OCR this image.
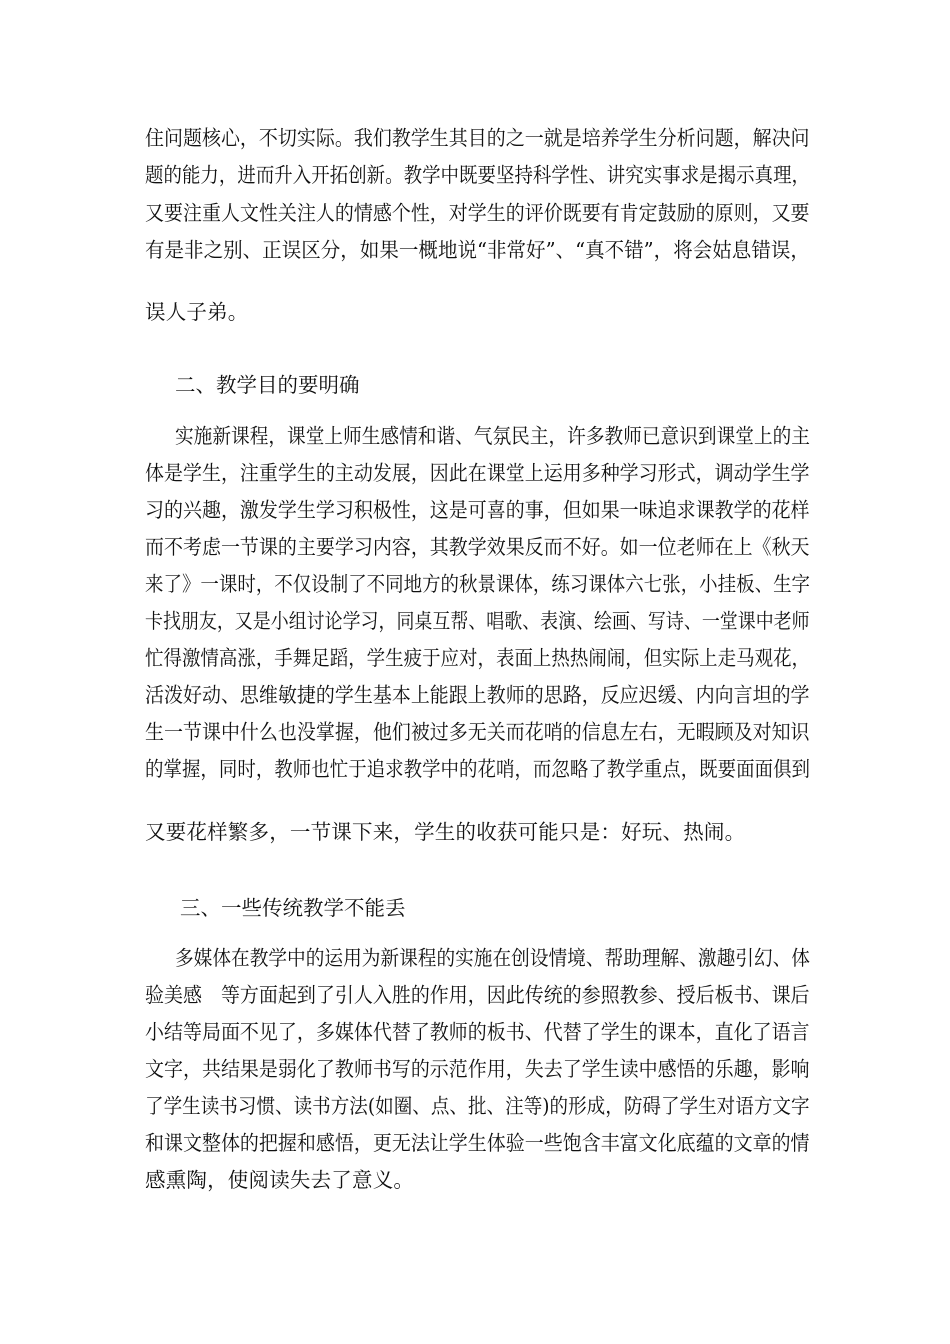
住问题核心，不切实际。我们教学生其目的之一就是培养学生分析问题，解决问
题的能力，进而升入开拓创新。教学中既要坚持科学性、讲究实事求是揭示真理，
又要注重人文性关注人的情感个性，对学生的评价既要有肯定鼓励的原则，又要
有是非之别、正误区分，如果一概地说“非常好”、“真不错”，将会姑息错误，
误人子弟。
二、教学目的要明确
实施新课程，课堂上师生感情和谐、气氛民主，许多教师已意识到课堂上的主
体是学生，注重学生的主动发展，因此在课堂上运用多种学习形式，调动学生学
习的兴趣，激发学生学习积极性，这是可喜的事，但如果一味追求课教学的花样
而不考虑一节课的主要学习内容，其教学效果反而不好。如一位老师在上《秋天
来了》一课时，不仅设制了不同地方的秋景课体，练习课体六七张，小挂板、生字
卡找朋友，又是小组讨论学习，同桌互帮、唱歌、表演、绘画、写诗、一堂课中老师
忙得激情高涨，手舞足蹈，学生疲于应对，表面上热热闹闹，但实际上走马观花，
活泼好动、思维敏捷的学生基本上能跟上教师的思路，反应迟缓、内向言坦的学
生一节课中什么也没掌握，他们被过多无关而花哨的信息左右，无暇顾及对知识
的掌握，同时，教师也忙于追求教学中的花哨，而忽略了教学重点，既要面面俱到
又要花样繁多，一节课下来，学生的收获可能只是：好玩、热闹。
三、一些传统教学不能丢
多媒体在教学中的运用为新课程的实施在创设情境、帮助理解、激趣引幻、体
验美感　等方面起到了引人入胜的作用，因此传统的参照教参、授后板书、课后
小结等局面不见了，多媒体代替了教师的板书、代替了学生的课本，直化了语言
文字，共结果是弱化了教师书写的示范作用，失去了学生读中感悟的乐趣，影响
了学生读书习惯、读书方法(如圈、点、批、注等)的形成，防碍了学生对语方文字
和课文整体的把握和感悟，更无法让学生体验一些饱含丰富文化底蕴的文章的情
感熏陶，使阅读失去了意义。
